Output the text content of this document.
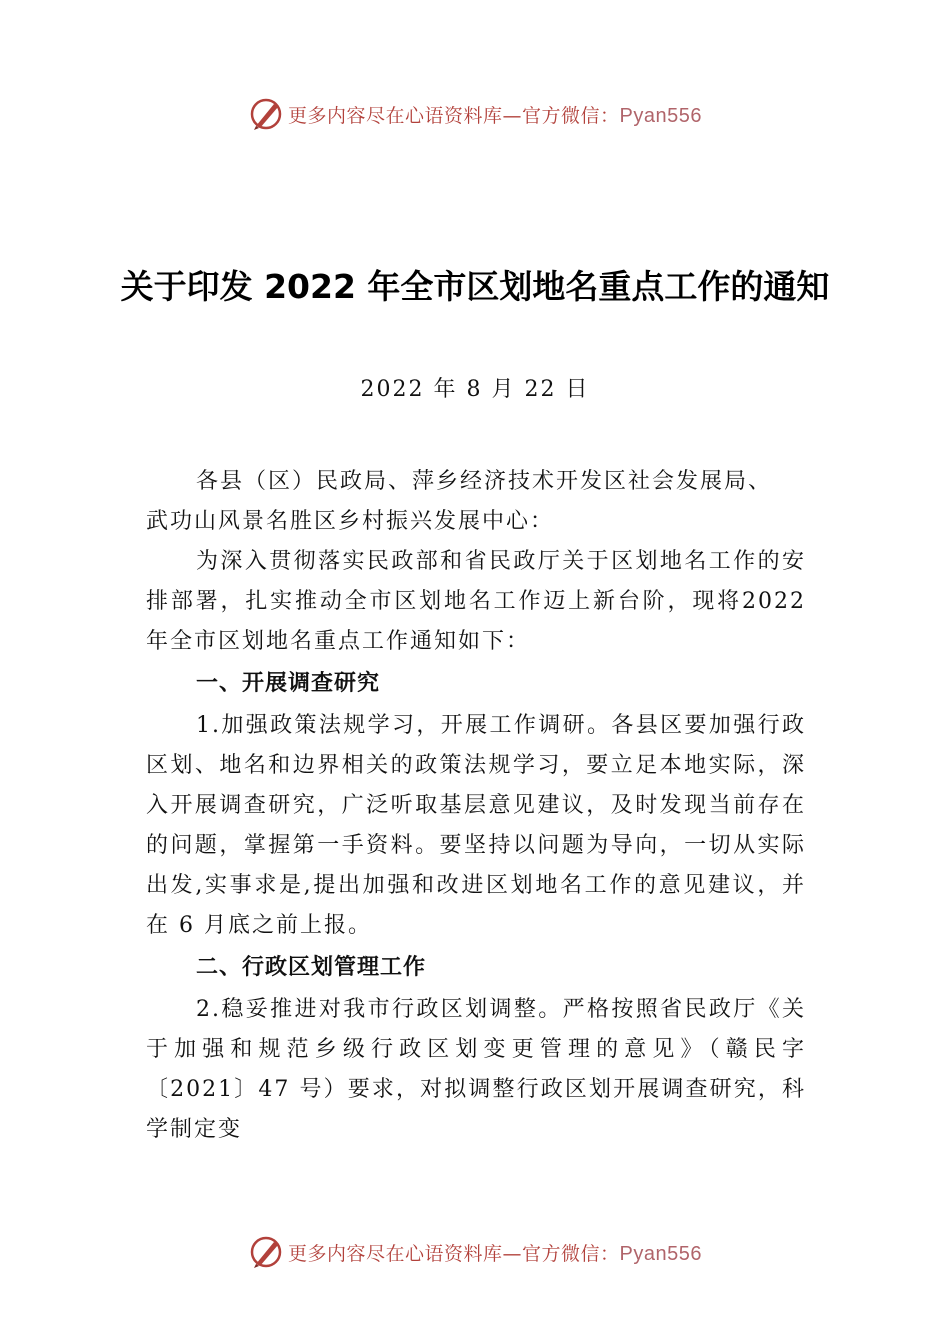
更多内容尽在心语资料库—官方微信：Pyan556
关于印发 2022 年全市区划地名重点工作的通知
2022 年 8 月 22 日

各县（区）民政局、萍乡经济技术开发区社会发展局、

武功山风景名胜区乡村振兴发展中心：

为深入贯彻落实民政部和省民政厅关于区划地名工作的安排部署，扎实推动全市区划地名工作迈上新台阶，现将2022 年全市区划地名重点工作通知如下：

一、开展调查研究

1.加强政策法规学习，开展工作调研。各县区要加强行政区划、地名和边界相关的政策法规学习，要立足本地实际，深入开展调查研究，广泛听取基层意见建议，及时发现当前存在的问题，掌握第一手资料。要坚持以问题为导向，一切从实际出发,实事求是,提出加强和改进区划地名工作的意见建议，并在 6 月底之前上报。

二、行政区划管理工作

2.稳妥推进对我市行政区划调整。严格按照省民政厅《关于加强和规范乡级行政区划变更管理的意见》（赣民字〔2021〕47 号）要求，对拟调整行政区划开展调查研究，科学制定变

更多内容尽在心语资料库—官方微信：Pyan556
